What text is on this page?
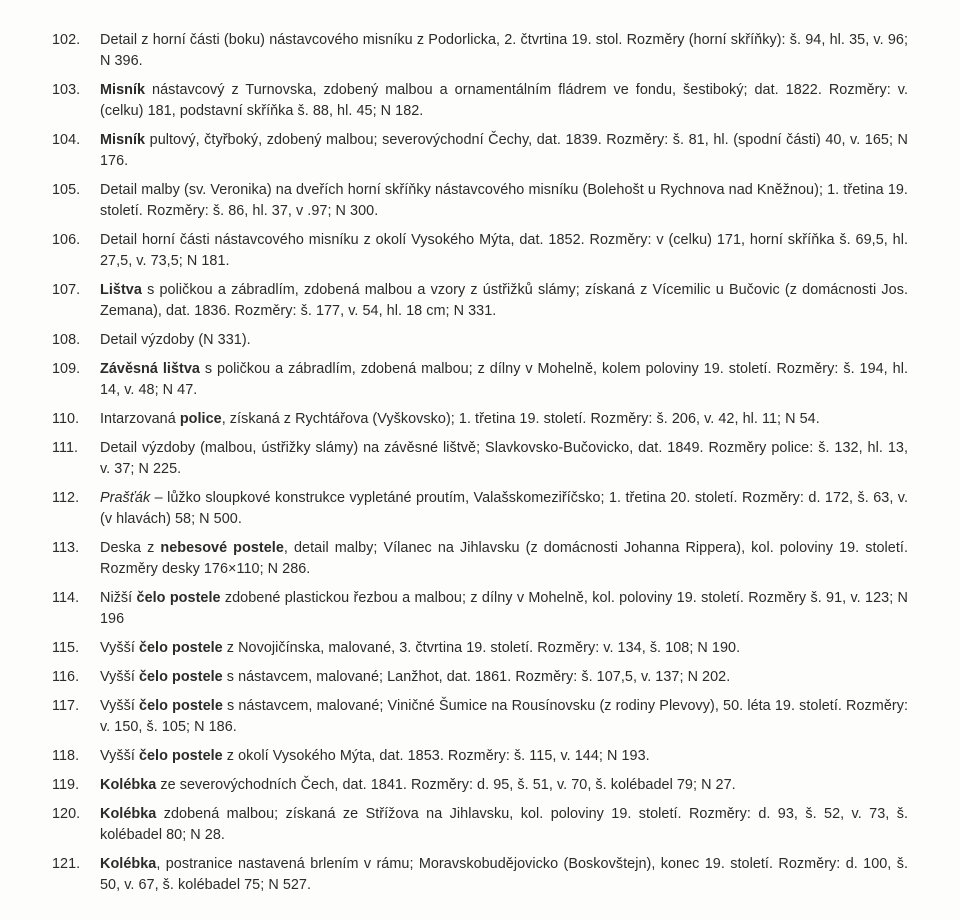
102.	Detail z horní části (boku) nástavcového misníku z Podorlicka, 2. čtvrtina 19. stol. Rozměry (horní skříňky): š. 94, hl. 35, v. 96; N 396.
103.	Misník nástavcový z Turnovska, zdobený malbou a ornamentálním fládrem ve fondu, šestiboký; dat. 1822. Rozměry: v. (celku) 181, podstavní skříňka š. 88, hl. 45; N 182.
104.	Misník pultový, čtyřboký, zdobený malbou; severovýchodní Čechy, dat. 1839. Rozměry: š. 81, hl. (spodní části) 40, v. 165; N 176.
105.	Detail malby (sv. Veronika) na dveřích horní skříňky nástavcového misníku (Bolehošt u Rychnova nad Kněžnou); 1. třetina 19. století. Rozměry: š. 86, hl. 37, v .97; N 300.
106.	Detail horní části nástavcového misníku z okolí Vysokého Mýta, dat. 1852. Rozměry: v (celku) 171, horní skříňka š. 69,5, hl. 27,5, v. 73,5; N 181.
107.	Lištva s poličkou a zábradlím, zdobená malbou a vzory z ústřižků slámy; získaná z Vícemilic u Bučovic (z domácnosti Jos. Zemana), dat. 1836. Rozměry: š. 177, v. 54, hl. 18 cm; N 331.
108.	Detail výzdoby (N 331).
109.	Závěsná lištva s poličkou a zábradlím, zdobená malbou; z dílny v Mohelně, kolem poloviny 19. století. Rozměry: š. 194, hl. 14, v. 48; N 47.
110.	Intarzovaná police, získaná z Rychtářova (Vyškovsko); 1. třetina 19. století. Rozměry: š. 206, v. 42, hl. 11; N 54.
111.	Detail výzdoby (malbou, ústřižky slámy) na závěsné lištvě; Slavkovsko-Bučovicko, dat. 1849. Rozměry police: š. 132, hl. 13, v. 37; N 225.
112.	Prašťák – lůžko sloupkové konstrukce vypletáné proutím, Valašskomeziříčsko; 1. třetina 20. století. Rozměry: d. 172, š. 63, v. (v hlavách) 58; N 500.
113.	Deska z nebesové postele, detail malby; Vílanec na Jihlavsku (z domácnosti Johanna Rippera), kol. poloviny 19. století. Rozměry desky 176×110; N 286.
114.	Nižší čelo postele zdobené plastickou řezbou a malbou; z dílny v Mohelně, kol. poloviny 19. století. Rozměry š. 91, v. 123; N 196
115.	Vyšší čelo postele z Novojičínska, malované, 3. čtvrtina 19. století. Rozměry: v. 134, š. 108; N 190.
116.	Vyšší čelo postele s nástavcem, malované; Lanžhot, dat. 1861. Rozměry: š. 107,5, v. 137; N 202.
117.	Vyšší čelo postele s nástavcem, malované; Viničné Šumice na Rousínovsku (z rodiny Plevovy), 50. léta 19. století. Rozměry: v. 150, š. 105; N 186.
118.	Vyšší čelo postele z okolí Vysokého Mýta, dat. 1853. Rozměry: š. 115, v. 144; N 193.
119.	Kolébka ze severovýchodních Čech, dat. 1841. Rozměry: d. 95, š. 51, v. 70, š. kolébadel 79; N 27.
120.	Kolébka zdobená malbou; získaná ze Střížova na Jihlavsku, kol. poloviny 19. století. Rozměry: d. 93, š. 52, v. 73, š. kolébadel 80; N 28.
121.	Kolébka, postranice nastavená brlením v rámu; Moravskobudějovicko (Boskovštejn), konec 19. století. Rozměry: d. 100, š. 50, v. 67, š. kolébadel 75; N 527.
